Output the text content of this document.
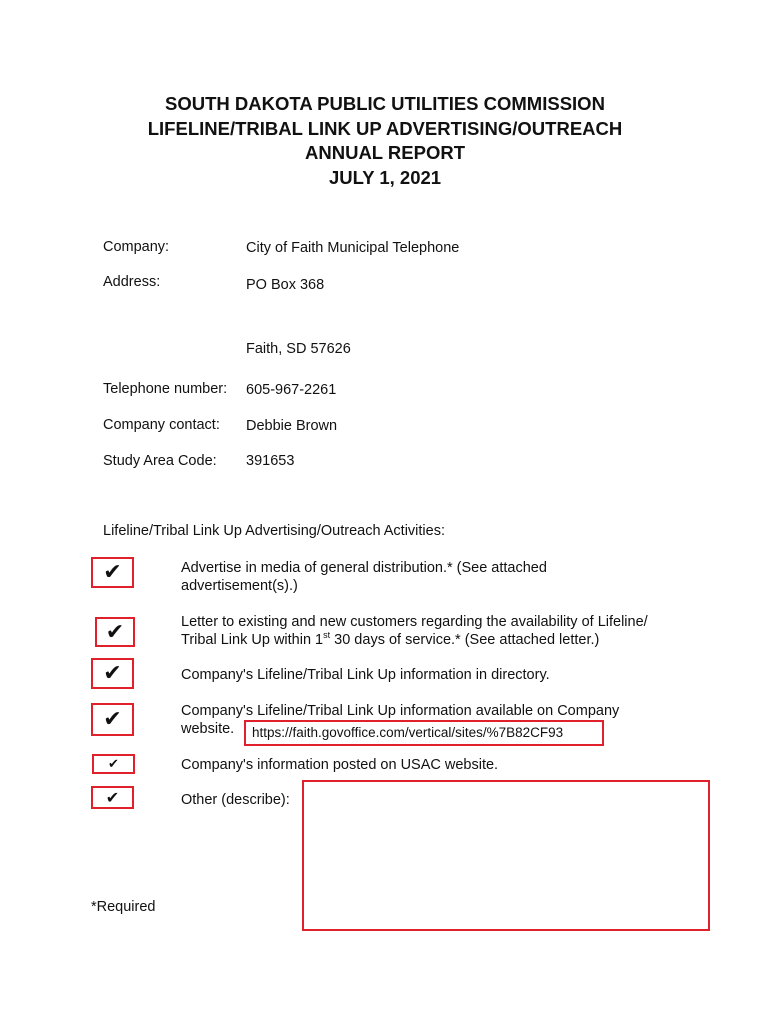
SOUTH DAKOTA PUBLIC UTILITIES COMMISSION
LIFELINE/TRIBAL LINK UP ADVERTISING/OUTREACH
ANNUAL REPORT
JULY 1, 2021
Company:	City of Faith Municipal Telephone
Address:	PO Box 368
Faith, SD 57626
Telephone number: 605-967-2261
Company contact: Debbie Brown
Study Area Code: 391653
Lifeline/Tribal Link Up Advertising/Outreach Activities:
✔	Advertise in media of general distribution.* (See attached
advertisement(s).)
✔	Letter to existing and new customers regarding the availability of Lifeline/
Tribal Link Up within 1st 30 days of service.* (See attached letter.)
✔	Company's Lifeline/Tribal Link Up information in directory.
✔	Company's Lifeline/Tribal Link Up information available on Company
website.	https://faith.govoffice.com/vertical/sites/%7B82CF93
✔	Company's information posted on USAC website.
✔	Other (describe):
*Required
